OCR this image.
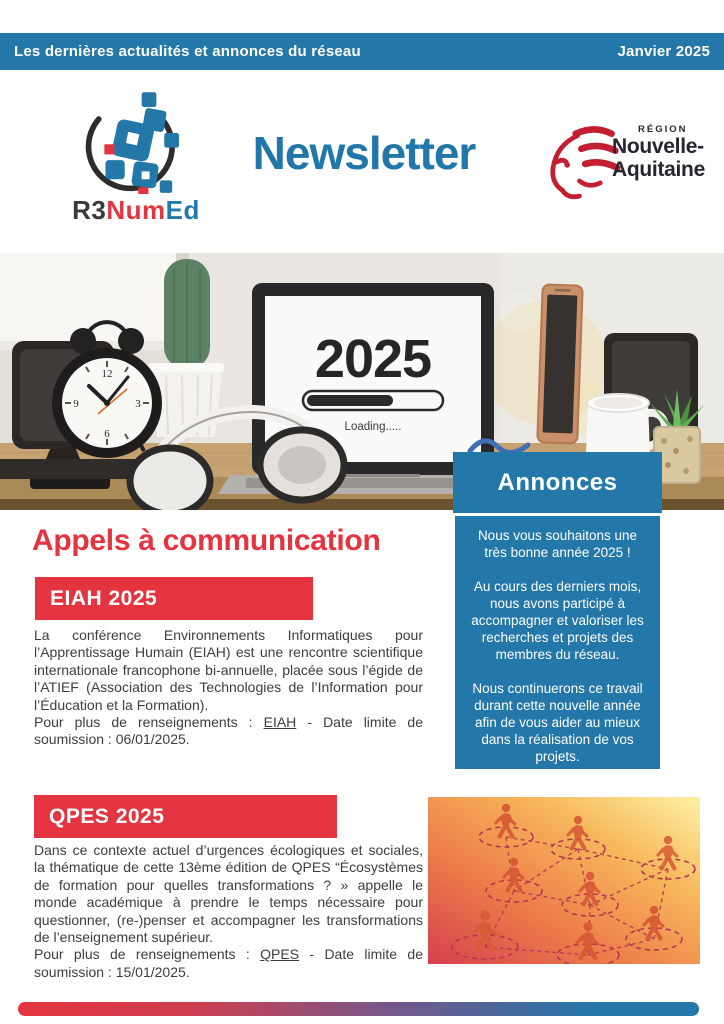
Les dernières actualités et annonces du réseau	Janvier 2025
R3NumEd
Newsletter	RÉGION
Nouvelle-
Aquitaine
12
3
6
9
2025
Loading.....
Annonces

Nous vous souhaitons une très bonne année 2025 !

Au cours des derniers mois, nous avons participé à accompagner et valoriser les recherches et projets des membres du réseau.

Nous continuerons ce travail durant cette nouvelle année afin de vous aider au mieux dans la réalisation de vos projets.

Appels à communication
EIAH 2025

La conférence Environnements Informatiques pour l’Apprentissage Humain (EIAH) est une rencontre scientifique internationale francophone bi-annuelle, placée sous l’égide de l’ATIEF (Association des Technologies de l’Information pour l’Éducation et la Formation).

Pour plus de renseignements : EIAH - Date limite de soumission : 06/01/2025.

QPES 2025

Dans ce contexte actuel d’urgences écologiques et sociales, la thématique de cette 13ème édition de QPES “Écosystèmes de formation pour quelles transformations ? » appelle le monde académique à prendre le temps nécessaire pour questionner, (re-)penser et accompagner les transformations de l’enseignement supérieur.

Pour plus de renseignements : QPES - Date limite de soumission : 15/01/2025.
